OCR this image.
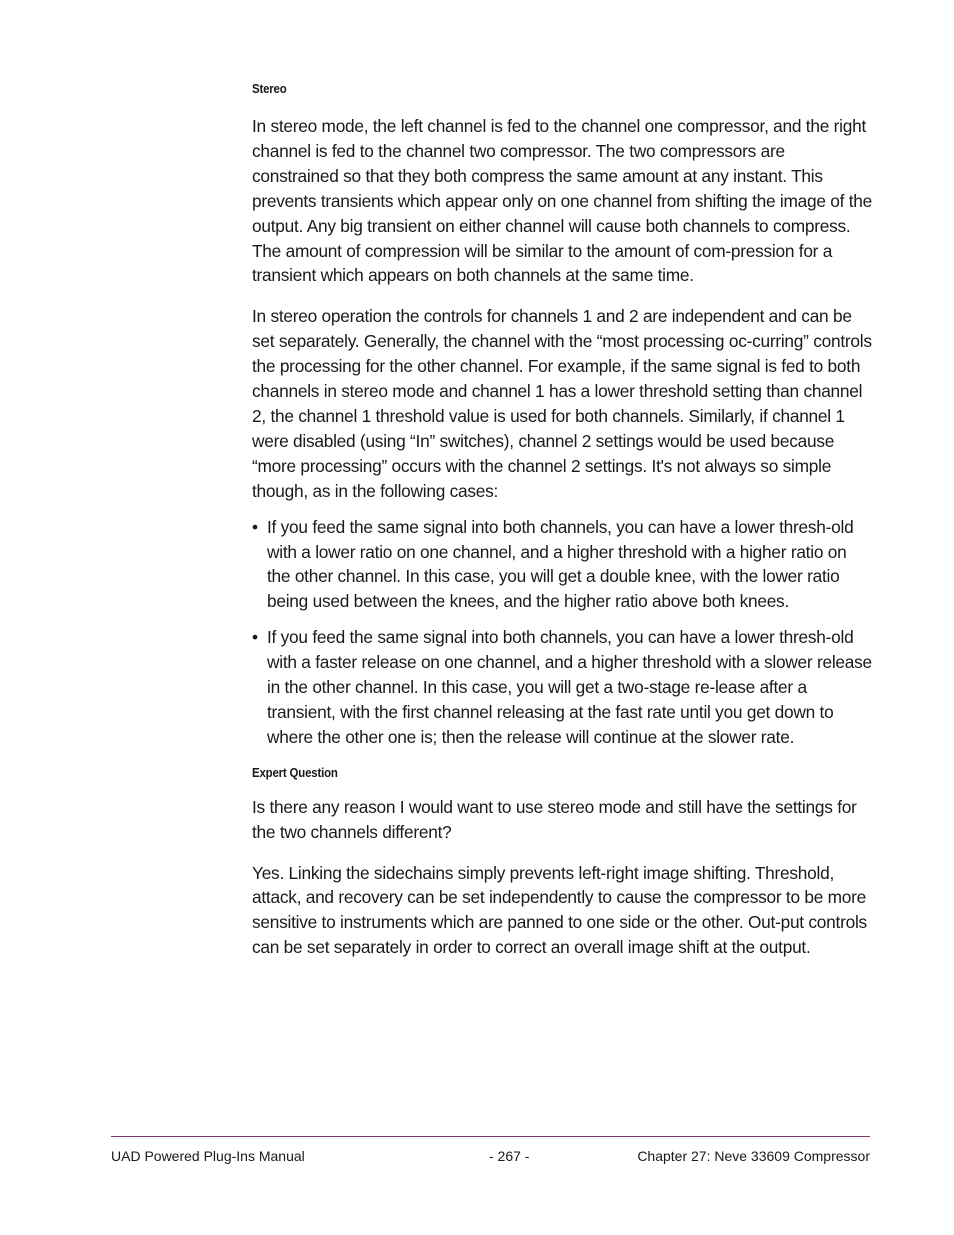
Stereo

In stereo mode, the left channel is fed to the channel one compressor, and the right channel is fed to the channel two compressor. The two compressors are constrained so that they both compress the same amount at any instant. This prevents transients which appear only on one channel from shifting the image of the output. Any big transient on either channel will cause both channels to compress. The amount of compression will be similar to the amount of com-pression for a transient which appears on both channels at the same time.

In stereo operation the controls for channels 1 and 2 are independent and can be set separately. Generally, the channel with the “most processing oc-curring” controls the processing for the other channel. For example, if the same signal is fed to both channels in stereo mode and channel 1 has a lower threshold setting than channel 2, the channel 1 threshold value is used for both channels. Similarly, if channel 1 were disabled (using “In” switches), channel 2 settings would be used because “more processing” occurs with the channel 2 settings. It's not always so simple though, as in the following cases:

• If you feed the same signal into both channels, you can have a lower thresh-old with a lower ratio on one channel, and a higher threshold with a higher ratio on the other channel. In this case, you will get a double knee, with the lower ratio being used between the knees, and the higher ratio above both knees.
• If you feed the same signal into both channels, you can have a lower thresh-old with a faster release on one channel, and a higher threshold with a slower release in the other channel. In this case, you will get a two-stage re-lease after a transient, with the first channel releasing at the fast rate until you get down to where the other one is; then the release will continue at the slower rate.
Expert Question

Is there any reason I would want to use stereo mode and still have the settings for the two channels different?

Yes. Linking the sidechains simply prevents left-right image shifting. Threshold, attack, and recovery can be set independently to cause the compressor to be more sensitive to instruments which are panned to one side or the other. Out-put controls can be set separately in order to correct an overall image shift at the output.

UAD Powered Plug-Ins Manual	- 267 -	Chapter 27: Neve 33609 Compressor
